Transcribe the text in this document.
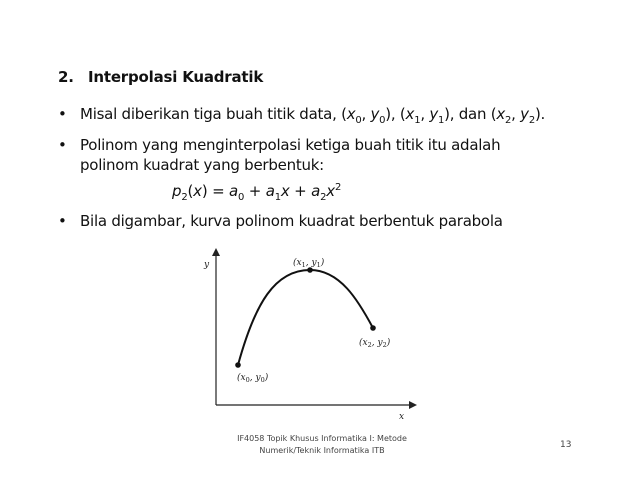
2. Interpolasi Kuadratik
• Misal diberikan tiga buah titik data, ($x_0$, $y_0$), ($x_1$, $y_1$), dan ($x_2$, $y_2$).
• Polinom yang menginterpolasi ketiga buah titik itu adalah
polinom kuadrat yang berbentuk:
$p_2(x) = a_0 + a_1x + a_2x^2$
• Bila digambar, kurva polinom kuadrat berbentuk parabola
y
x
($x_1$, $y_1$)
($x_2$, $y_2$)
($x_0$, $y_0$)
IF4058 Topik Khusus Informatika I: Metode
Numerik/Teknik Informatika ITB
13
